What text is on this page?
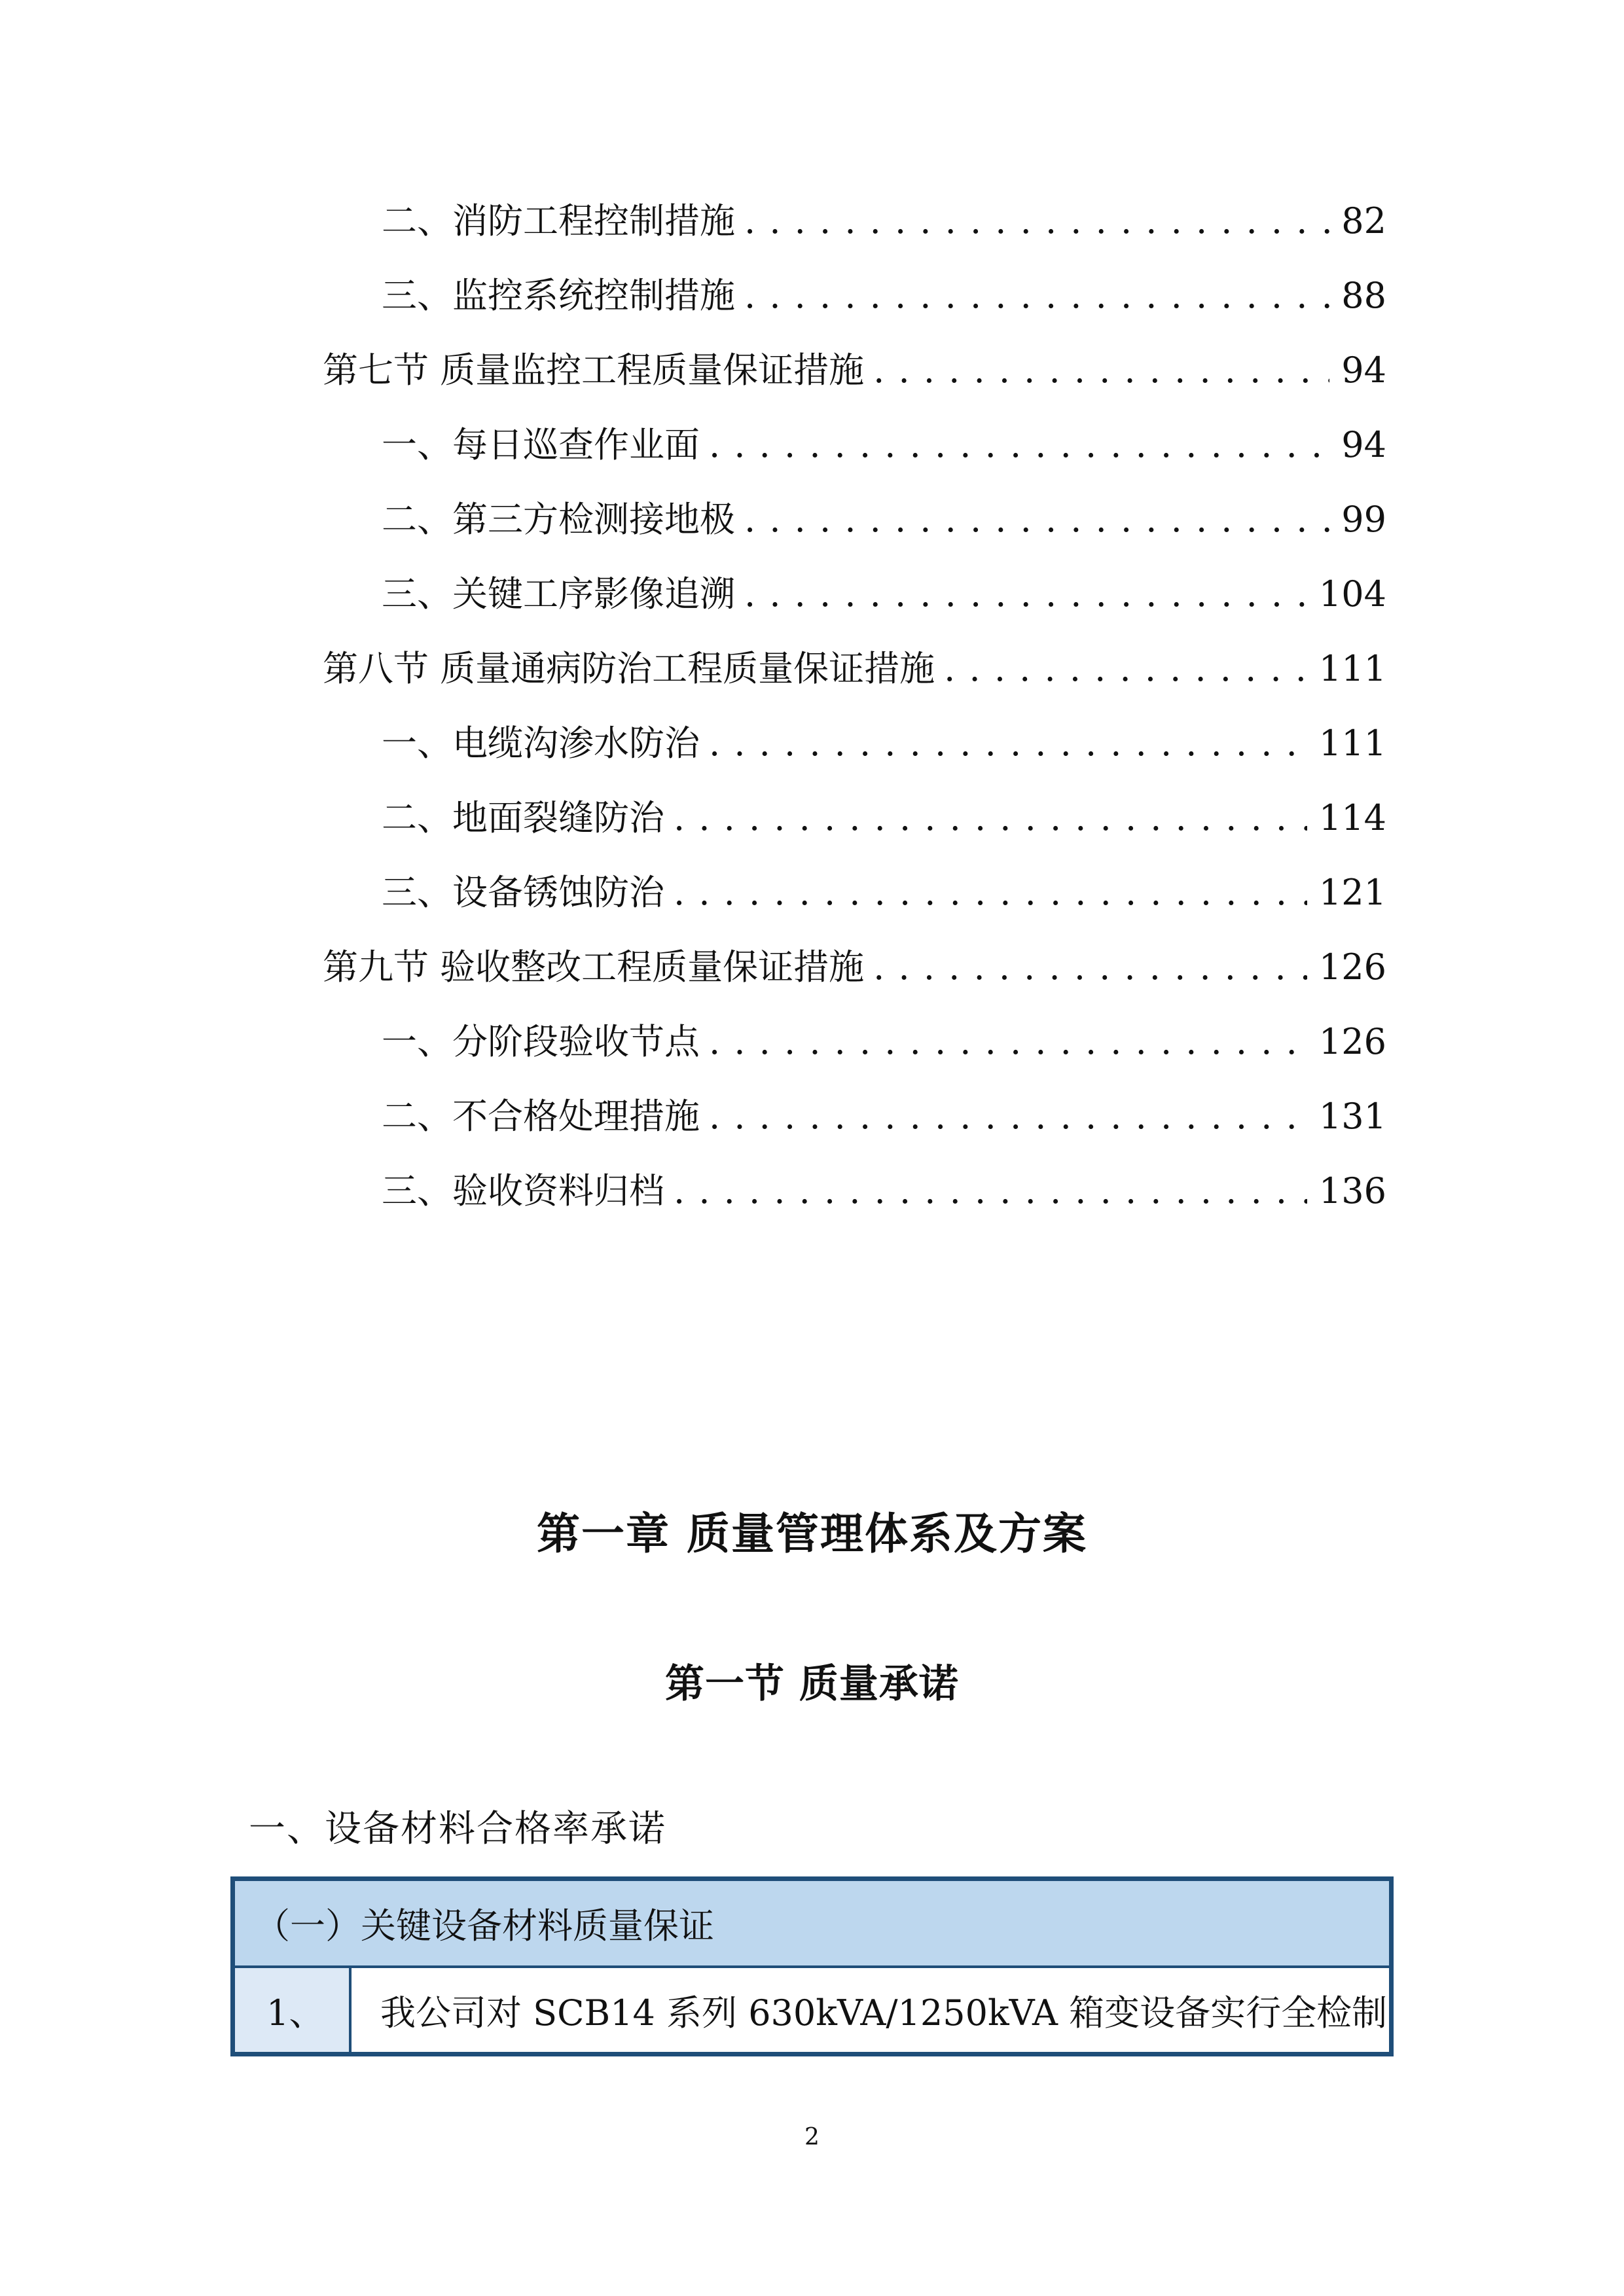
二、消防工程控制措施 . . .	82
三、监控系统控制措施 . . .	88
第七节 质量监控工程质量保证措施 . . .	94
一、每日巡查作业面 . . .	94
二、第三方检测接地极 . . .	99
三、关键工序影像追溯 . . .	104
第八节 质量通病防治工程质量保证措施 . . .	111
一、电缆沟渗水防治 . . .	111
二、地面裂缝防治 . . .	114
三、设备锈蚀防治 . . .	121
第九节 验收整改工程质量保证措施 . . .	126
一、分阶段验收节点 . . .	126
二、不合格处理措施 . . .	131
三、验收资料归档 . . .	136
第一章 质量管理体系及方案
第一节 质量承诺
一、设备材料合格率承诺
（一）关键设备材料质量保证
1、	我公司对 SCB14 系列 630kVA/1250kVA 箱变设备实行全检制
2
